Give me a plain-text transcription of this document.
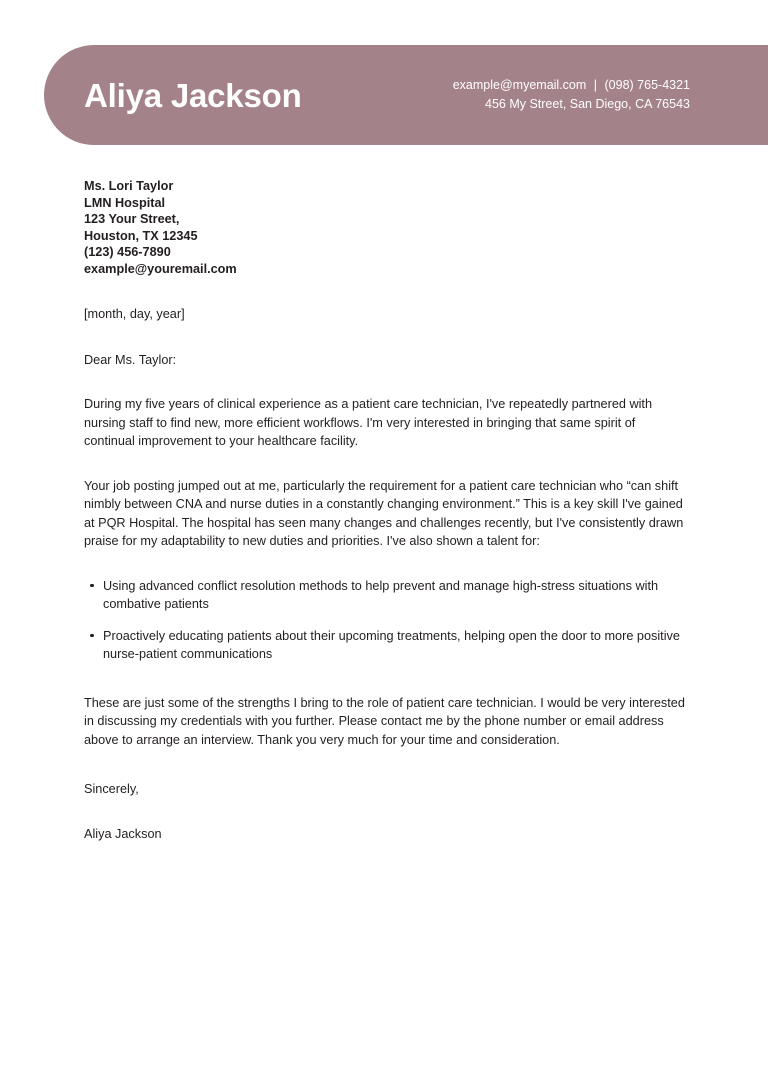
Aliya Jackson	example@myemail.com | (098) 765-4321
456 My Street, San Diego, CA 76543
Ms. Lori Taylor
LMN Hospital
123 Your Street,
Houston, TX 12345
(123) 456-7890
example@youremail.com
[month, day, year]
Dear Ms. Taylor:
During my five years of clinical experience as a patient care technician, I've repeatedly partnered with nursing staff to find new, more efficient workflows. I'm very interested in bringing that same spirit of continual improvement to your healthcare facility.
Your job posting jumped out at me, particularly the requirement for a patient care technician who “can shift nimbly between CNA and nurse duties in a constantly changing environment.” This is a key skill I've gained at PQR Hospital. The hospital has seen many changes and challenges recently, but I've consistently drawn praise for my adaptability to new duties and priorities. I've also shown a talent for:
Using advanced conflict resolution methods to help prevent and manage high-stress situations with combative patients
Proactively educating patients about their upcoming treatments, helping open the door to more positive nurse-patient communications
These are just some of the strengths I bring to the role of patient care technician. I would be very interested in discussing my credentials with you further. Please contact me by the phone number or email address above to arrange an interview. Thank you very much for your time and consideration.
Sincerely,
Aliya Jackson
